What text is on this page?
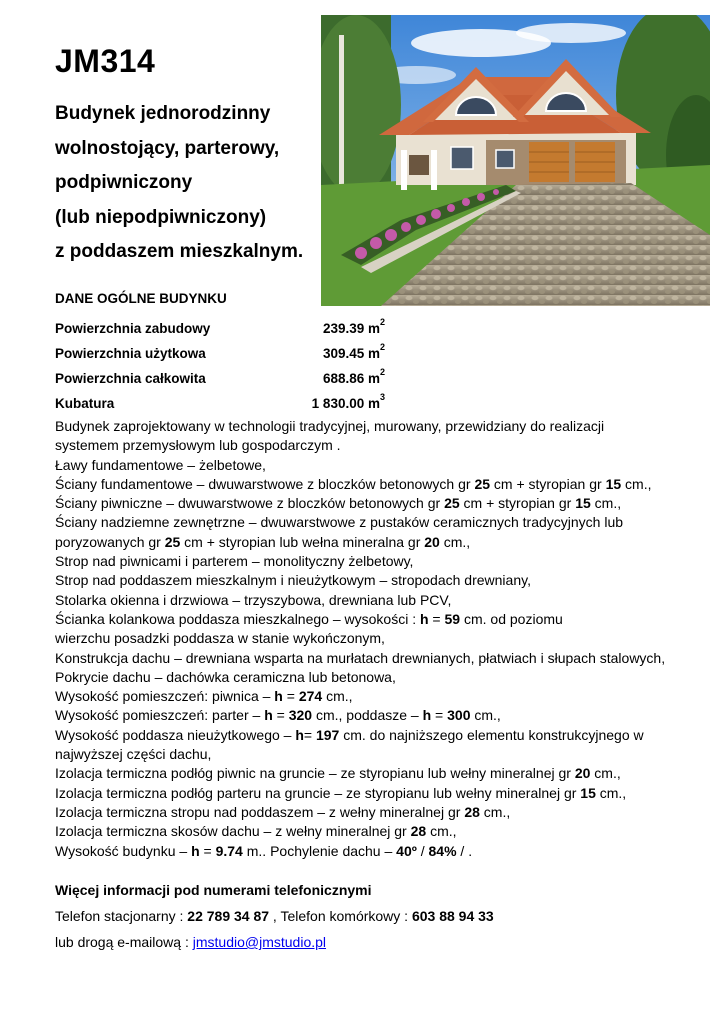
JM314
Budynek jednorodzinny
wolnostojący, parterowy,
podpiwniczony
(lub niepodpiwniczony)
z poddaszem mieszkalnym.
DANE OGÓLNE BUDYNKU
Powierzchnia zabudowy	239.39 $m^2$
Powierzchnia użytkowa	309.45 $m^2$
Powierzchnia całkowita	688.86 $m^2$
Kubatura	1 830.00 $m^3$
Budynek zaprojektowany w technologii tradycyjnej, murowany, przewidziany do realizacji
systemem przemysłowym lub gospodarczym .
Ławy fundamentowe – żelbetowe,
Ściany fundamentowe – dwuwarstwowe z bloczków betonowych gr 25 cm + styropian gr 15 cm.,
Ściany piwniczne – dwuwarstwowe z bloczków betonowych gr 25 cm + styropian gr 15 cm.,
Ściany nadziemne zewnętrzne – dwuwarstwowe z pustaków ceramicznych tradycyjnych lub
poryzowanych gr 25 cm + styropian lub wełna mineralna gr 20 cm.,
Strop nad piwnicami i parterem – monolityczny żelbetowy,
Strop nad poddaszem mieszkalnym i nieużytkowym – stropodach drewniany,
Stolarka okienna i drzwiowa – trzyszybowa, drewniana lub PCV,
Ścianka kolankowa poddasza mieszkalnego – wysokości : h = 59 cm. od poziomu
wierzchu posadzki poddasza w stanie wykończonym,
Konstrukcja dachu – drewniana wsparta na murłatach drewnianych, płatwiach i słupach stalowych,
Pokrycie dachu – dachówka ceramiczna lub betonowa,
Wysokość pomieszczeń: piwnica – h = 274 cm.,
Wysokość pomieszczeń: parter – h = 320 cm., poddasze – h = 300 cm.,
Wysokość poddasza nieużytkowego – h= 197 cm. do najniższego elementu konstrukcyjnego w
najwyższej części dachu,
Izolacja termiczna podłóg piwnic na gruncie – ze styropianu lub wełny mineralnej gr 20 cm.,
Izolacja termiczna podłóg parteru na gruncie – ze styropianu lub wełny mineralnej gr 15 cm.,
Izolacja termiczna stropu nad poddaszem – z wełny mineralnej gr 28 cm.,
Izolacja termiczna skosów dachu – z wełny mineralnej gr 28 cm.,
Wysokość budynku – h = 9.74 m.. Pochylenie dachu – 40º / 84% / .
Więcej informacji pod numerami telefonicznymi
Telefon stacjonarny : 22 789 34 87 , Telefon komórkowy : 603 88 94 33
lub drogą e-mailową : jmstudio@jmstudio.pl
